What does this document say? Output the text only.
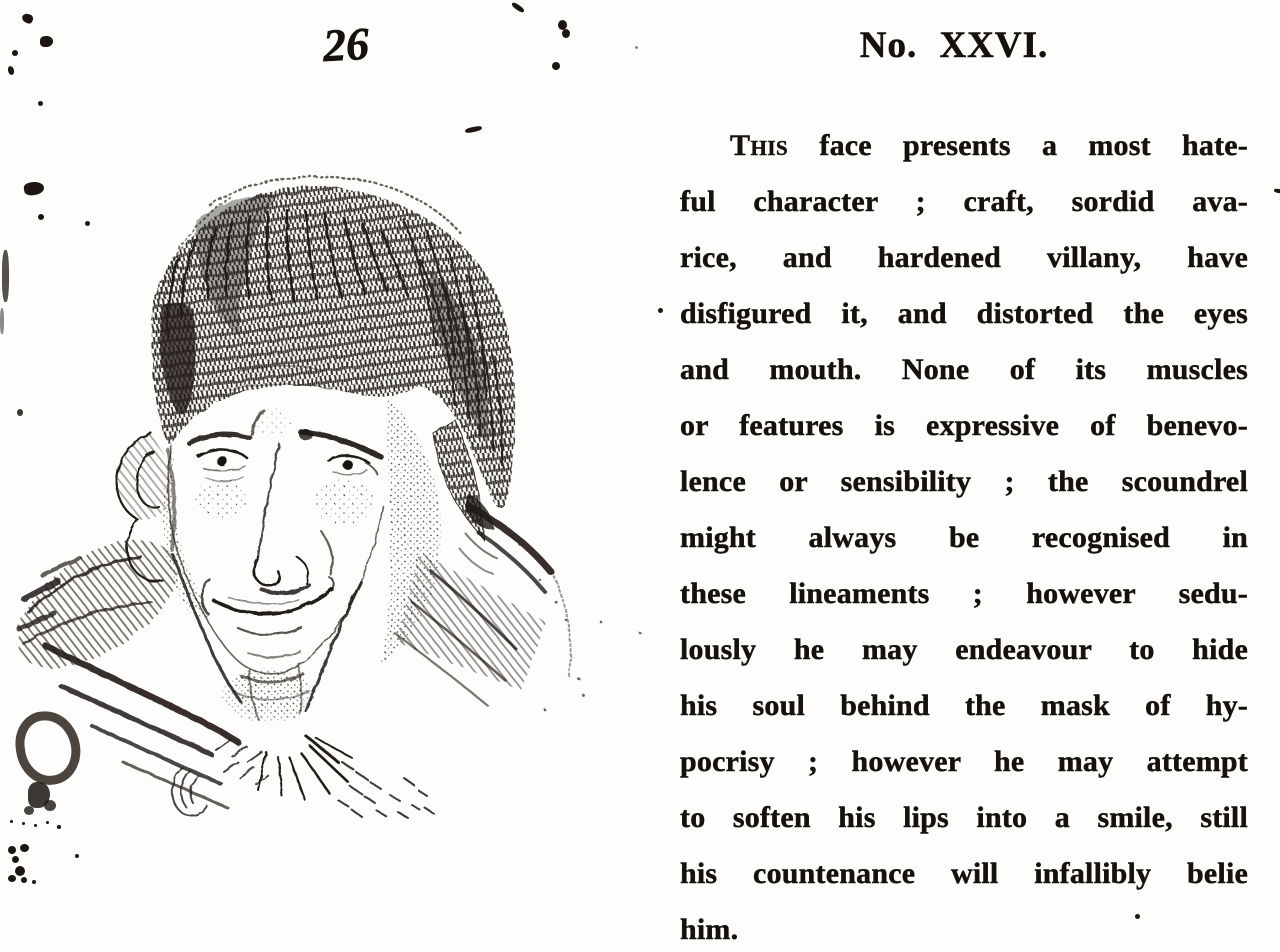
26	No. XXVI.
This face presents a most hate-
ful character ; craft, sordid ava-
rice, and hardened villany, have
disfigured it, and distorted the eyes
and mouth. None of its muscles
or features is expressive of benevo-
lence or sensibility ; the scoundrel
might always be recognised in
these lineaments ; however sedu-
lously he may endeavour to hide
his soul behind the mask of hy-
pocrisy ; however he may attempt
to soften his lips into a smile, still
his countenance will infallibly belie
him.
